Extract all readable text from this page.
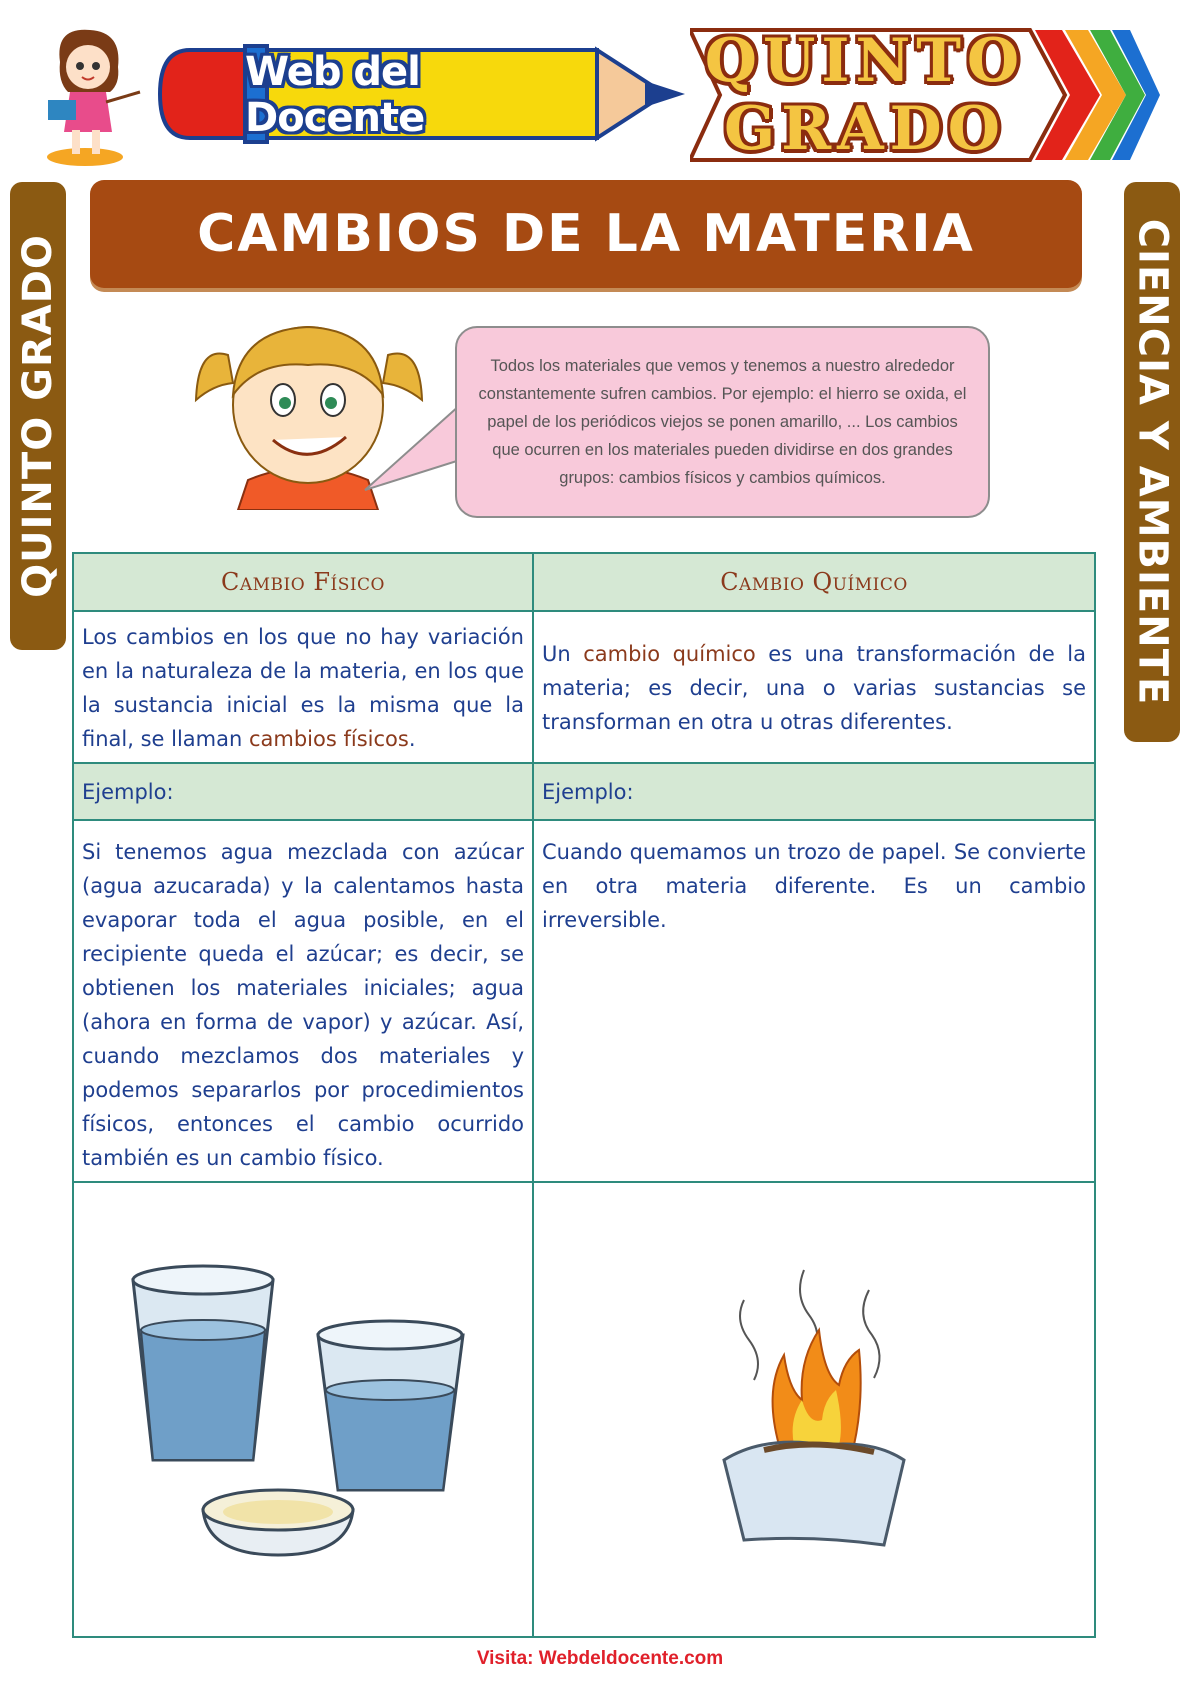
Web del Docente
QUINTO
GRADO
QUINTO GRADO	CIENCIA Y AMBIENTE
CAMBIOS DE LA MATERIA

Todos los materiales que vemos y tenemos a nuestro alrededor constantemente sufren cambios. Por ejemplo: el hierro se oxida, el papel de los periódicos viejos se ponen amarillo, ... Los cambios que ocurren en los materiales pueden dividirse en dos grandes grupos: cambios físicos y cambios químicos.

Cambio Físico	Cambio Químico
Los cambios en los que no hay variación en la naturaleza de la materia, en los que la sustancia inicial es la misma que la final, se llaman cambios físicos.	Un cambio químico es una transformación de la materia; es decir, una o varias sustancias se transforman en otra u otras diferentes.
Ejemplo:	Ejemplo:
Si tenemos agua mezclada con azúcar (agua azucarada) y la calentamos hasta evaporar toda el agua posible, en el recipiente queda el azúcar; es decir, se obtienen los materiales iniciales; agua (ahora en forma de vapor) y azúcar. Así, cuando mezclamos dos materiales y podemos separarlos por procedimientos físicos, entonces el cambio ocurrido también es un cambio físico.	Cuando quemamos un trozo de papel. Se convierte en otra materia diferente. Es un cambio irreversible.

Visita: Webdeldocente.com
